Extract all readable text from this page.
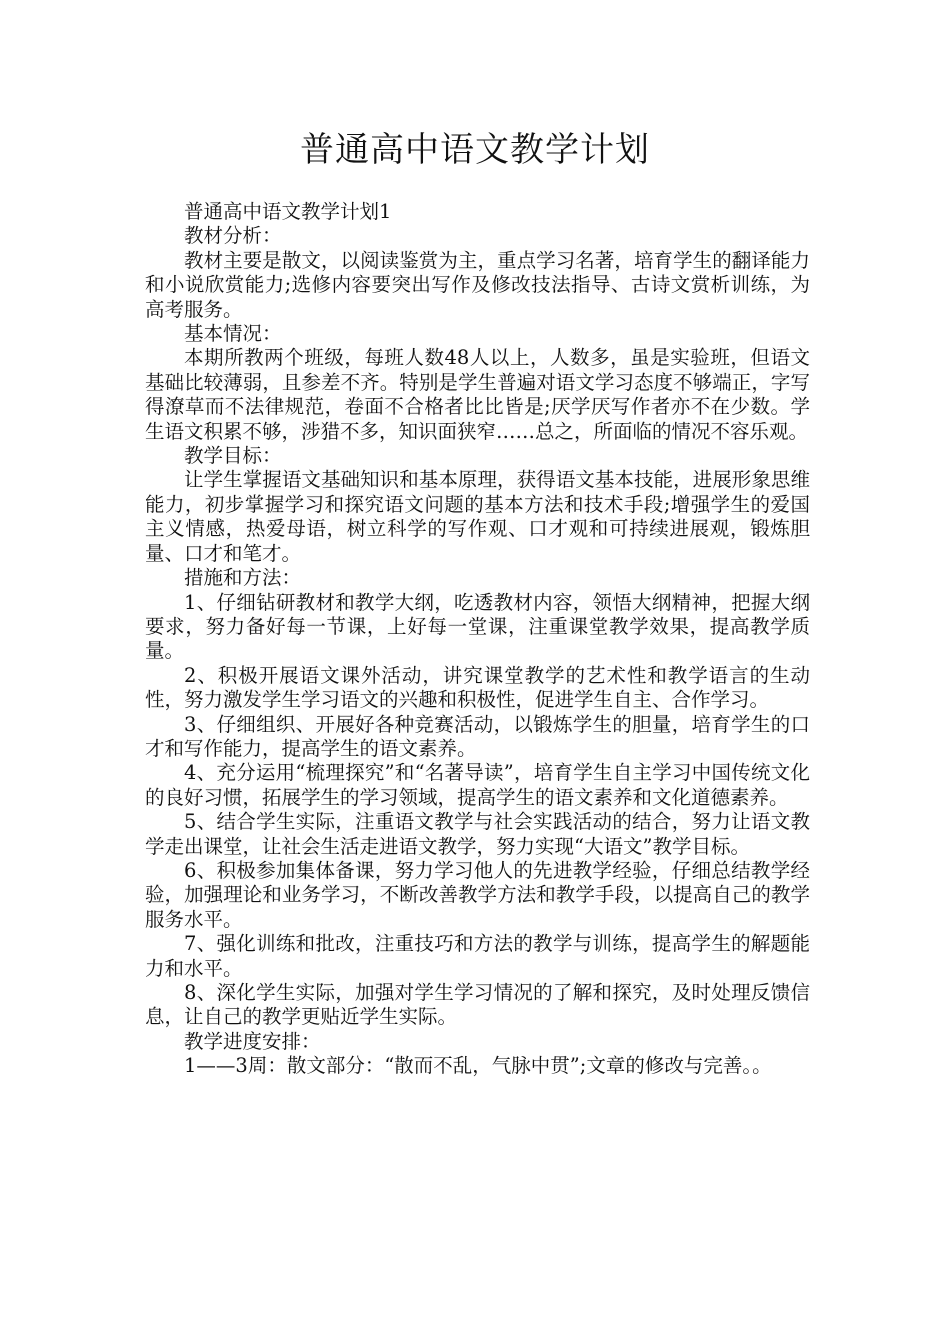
普通高中语文教学计划

普通高中语文教学计划1

教材分析：

教材主要是散文，以阅读鉴赏为主，重点学习名著，培育学生的翻译能力和小说欣赏能力;选修内容要突出写作及修改技法指导、古诗文赏析训练，为高考服务。

基本情况：

本期所教两个班级，每班人数48人以上，人数多，虽是实验班，但语文基础比较薄弱，且参差不齐。特别是学生普遍对语文学习态度不够端正，字写得潦草而不法律规范，卷面不合格者比比皆是;厌学厌写作者亦不在少数。学生语文积累不够，涉猎不多，知识面狭窄……总之，所面临的情况不容乐观。

教学目标：

让学生掌握语文基础知识和基本原理，获得语文基本技能，进展形象思维能力，初步掌握学习和探究语文问题的基本方法和技术手段;增强学生的爱国主义情感，热爱母语，树立科学的写作观、口才观和可持续进展观，锻炼胆量、口才和笔才。

措施和方法：

1、仔细钻研教材和教学大纲，吃透教材内容，领悟大纲精神，把握大纲要求，努力备好每一节课，上好每一堂课，注重课堂教学效果，提高教学质量。

2、积极开展语文课外活动，讲究课堂教学的艺术性和教学语言的生动性，努力激发学生学习语文的兴趣和积极性，促进学生自主、合作学习。

3、仔细组织、开展好各种竞赛活动，以锻炼学生的胆量，培育学生的口才和写作能力，提高学生的语文素养。

4、充分运用“梳理探究”和“名著导读”，培育学生自主学习中国传统文化的良好习惯，拓展学生的学习领域，提高学生的语文素养和文化道德素养。

5、结合学生实际，注重语文教学与社会实践活动的结合，努力让语文教学走出课堂，让社会生活走进语文教学，努力实现“大语文”教学目标。

6、积极参加集体备课，努力学习他人的先进教学经验，仔细总结教学经验，加强理论和业务学习，不断改善教学方法和教学手段，以提高自己的教学服务水平。

7、强化训练和批改，注重技巧和方法的教学与训练，提高学生的解题能力和水平。

8、深化学生实际，加强对学生学习情况的了解和探究，及时处理反馈信息，让自己的教学更贴近学生实际。

教学进度安排：

1——3周：散文部分：“散而不乱，气脉中贯”;文章的修改与完善。。
